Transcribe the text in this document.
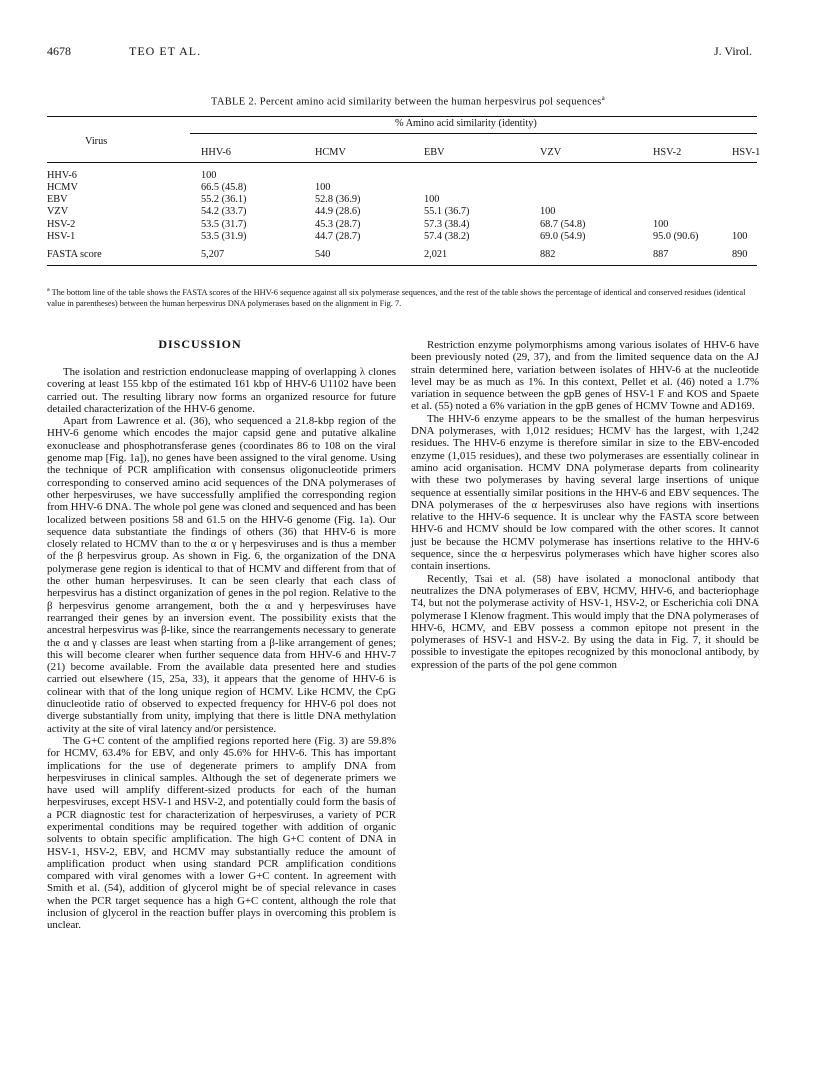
4678	TEO ET AL.	J. Virol.
TABLE 2. Percent amino acid similarity between the human herpesvirus pol sequences$^a$
Virus
% Amino acid similarity (identity)
HHV-6	HCMV	EBV	VZV	HSV-2	HSV-1
HHV-6	100
HCMV	66.5 (45.8)	100
EBV	55.2 (36.1)	52.8 (36.9)	100
VZV	54.2 (33.7)	44.9 (28.6)	55.1 (36.7)	100
HSV-2	53.5 (31.7)	45.3 (28.7)	57.3 (38.4)	68.7 (54.8)	100
HSV-1	53.5 (31.9)	44.7 (28.7)	57.4 (38.2)	69.0 (54.9)	95.0 (90.6)	100
FASTA score	5,207	540	2,021	882	887	890
$^a$ The bottom line of the table shows the FASTA scores of the HHV-6 sequence against all six polymerase sequences, and the rest of the table shows the percentage of identical and conserved residues (identical value in parentheses) between the human herpesvirus DNA polymerases based on the alignment in Fig. 7.
DISCUSSION

The isolation and restriction endonuclease mapping of overlapping λ clones covering at least 155 kbp of the estimated 161 kbp of HHV-6 U1102 have been carried out. The resulting library now forms an organized resource for future detailed characterization of the HHV-6 genome.

Apart from Lawrence et al. (36), who sequenced a 21.8-kbp region of the HHV-6 genome which encodes the major capsid gene and putative alkaline exonuclease and phosphotransferase genes (coordinates 86 to 108 on the viral genome map [Fig. 1a]), no genes have been assigned to the viral genome. Using the technique of PCR amplification with consensus oligonucleotide primers corresponding to conserved amino acid sequences of the DNA polymerases of other herpesviruses, we have successfully amplified the corresponding region from HHV-6 DNA. The whole pol gene was cloned and sequenced and has been localized between positions 58 and 61.5 on the HHV-6 genome (Fig. 1a). Our sequence data substantiate the findings of others (36) that HHV-6 is more closely related to HCMV than to the α or γ herpesviruses and is thus a member of the β herpesvirus group. As shown in Fig. 6, the organization of the DNA polymerase gene region is identical to that of HCMV and different from that of the other human herpesviruses. It can be seen clearly that each class of herpesvirus has a distinct organization of genes in the pol region. Relative to the β herpesvirus genome arrangement, both the α and γ herpesviruses have rearranged their genes by an inversion event. The possibility exists that the ancestral herpesvirus was β-like, since the rearrangements necessary to generate the α and γ classes are least when starting from a β-like arrangement of genes; this will become clearer when further sequence data from HHV-6 and HHV-7 (21) become available. From the available data presented here and studies carried out elsewhere (15, 25a, 33), it appears that the genome of HHV-6 is colinear with that of the long unique region of HCMV. Like HCMV, the CpG dinucleotide ratio of observed to expected frequency for HHV-6 pol does not diverge substantially from unity, implying that there is little DNA methylation activity at the site of viral latency and/or persistence.

The G+C content of the amplified regions reported here (Fig. 3) are 59.8% for HCMV, 63.4% for EBV, and only 45.6% for HHV-6. This has important implications for the use of degenerate primers to amplify DNA from herpesviruses in clinical samples. Although the set of degenerate primers we have used will amplify different-sized products for each of the human herpesviruses, except HSV-1 and HSV-2, and potentially could form the basis of a PCR diagnostic test for characterization of herpesviruses, a variety of PCR experimental conditions may be required together with addition of organic solvents to obtain specific amplification. The high G+C content of DNA in HSV-1, HSV-2, EBV, and HCMV may substantially reduce the amount of amplification product when using standard PCR amplification conditions compared with viral genomes with a lower G+C content. In agreement with Smith et al. (54), addition of glycerol might be of special relevance in cases when the PCR target sequence has a high G+C content, although the role that inclusion of glycerol in the reaction buffer plays in overcoming this problem is unclear.

Restriction enzyme polymorphisms among various isolates of HHV-6 have been previously noted (29, 37), and from the limited sequence data on the AJ strain determined here, variation between isolates of HHV-6 at the nucleotide level may be as much as 1%. In this context, Pellet et al. (46) noted a 1.7% variation in sequence between the gpB genes of HSV-1 F and KOS and Spaete et al. (55) noted a 6% variation in the gpB genes of HCMV Towne and AD169.

The HHV-6 enzyme appears to be the smallest of the human herpesvirus DNA polymerases, with 1,012 residues; HCMV has the largest, with 1,242 residues. The HHV-6 enzyme is therefore similar in size to the EBV-encoded enzyme (1,015 residues), and these two polymerases are essentially colinear in amino acid organisation. HCMV DNA polymerase departs from colinearity with these two polymerases by having several large insertions of unique sequence at essentially similar positions in the HHV-6 and EBV sequences. The DNA polymerases of the α herpesviruses also have regions with insertions relative to the HHV-6 sequence. It is unclear why the FASTA score between HHV-6 and HCMV should be low compared with the other scores. It cannot just be because the HCMV polymerase has insertions relative to the HHV-6 sequence, since the α herpesvirus polymerases which have higher scores also contain insertions.

Recently, Tsai et al. (58) have isolated a monoclonal antibody that neutralizes the DNA polymerases of EBV, HCMV, HHV-6, and bacteriophage T4, but not the polymerase activity of HSV-1, HSV-2, or Escherichia coli DNA polymerase I Klenow fragment. This would imply that the DNA polymerases of HHV-6, HCMV, and EBV possess a common epitope not present in the polymerases of HSV-1 and HSV-2. By using the data in Fig. 7, it should be possible to investigate the epitopes recognized by this monoclonal antibody, by expression of the parts of the pol gene common
